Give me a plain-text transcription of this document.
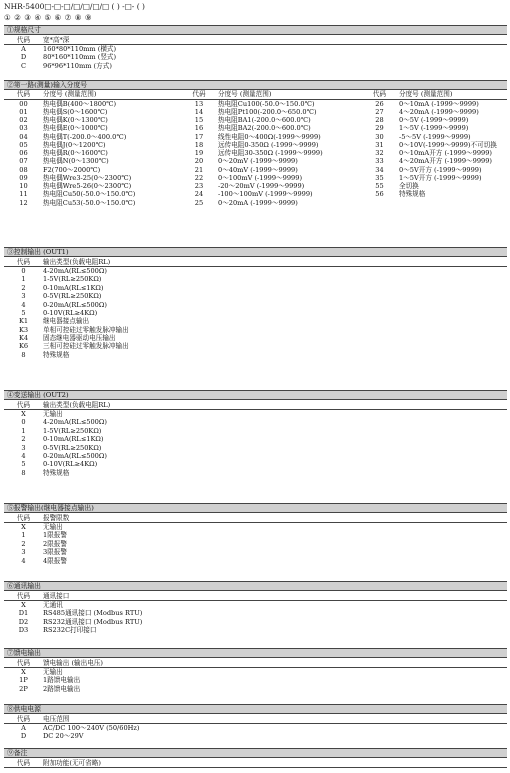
NHR-5400□-□-□/□/□/□/□ ( ) -□- ( )
① ② ③ ④ ⑤ ⑥ ⑦ ⑧ ⑨
①规格尺寸	
代码	宽*高*深
A	160*80*110mm (横式)
D	80*160*110mm (竖式)
C	96*96*110mm (方式)
②第一路(测量)输入分度号					
代码	分度号 (测量范围)	代码	分度号 (测量范围)	代码	分度号 (测量范围)
00	热电偶B(400～1800℃)	13	热电阻Cu100(-50.0～150.0℃)	26	0～10mA (-1999～9999)
01	热电偶S(0～1600℃)	14	热电阻Pt100(-200.0～650.0℃)	27	4～20mA (-1999～9999)
02	热电偶K(0～1300℃)	15	热电阻BA1(-200.0～600.0℃)	28	0～5V (-1999～9999)
03	热电偶E(0～1000℃)	16	热电阻BA2(-200.0～600.0℃)	29	1～5V (-1999～9999)
04	热电偶T(-200.0～400.0℃)	17	线性电阻0～400Ω(-1999～9999)	30	-5～5V (-1999～9999)
05	热电偶J(0～1200℃)	18	远传电阻0-350Ω (-1999～9999)	31	0～10V(-1999～9999)不可切换
06	热电偶R(0～1600℃)	19	远传电阻30-350Ω (-1999～9999)	32	0～10mA开方 (-1999～9999)
07	热电偶N(0～1300℃)	20	0～20mV (-1999～9999)	33	4～20mA开方 (-1999～9999)
08	F2(700～2000℃)	21	0～40mV (-1999～9999)	34	0～5V开方 (-1999～9999)
09	热电偶Wre3-25(0～2300℃)	22	0～100mV (-1999～9999)	35	1～5V开方 (-1999～9999)
10	热电偶Wre5-26(0～2300℃)	23	-20～20mV (-1999～9999)	55	全切换
11	热电阻Cu50(-50.0～150.0℃)	24	-100～100mV (-1999～9999)	56	特殊规格
12	热电阻Cu53(-50.0～150.0℃)	25	0～20mA (-1999～9999)		
③控制输出 (OUT1)	
代码	输出类型(负载电阻RL)
0	4-20mA(RL≤500Ω)
1	1-5V(RL≥250KΩ)
2	0-10mA(RL≤1KΩ)
3	0-5V(RL≥250KΩ)
4	0-20mA(RL≤500Ω)
5	0-10V(RL≥4KΩ)
K1	继电器接点输出
K3	单相可控硅过零触发脉冲输出
K4	固态继电器驱动电压输出
K6	三相可控硅过零触发脉冲输出
8	特殊规格
④变送输出 (OUT2)	
代码	输出类型(负载电阻RL)
X	无输出
0	4-20mA(RL≤500Ω)
1	1-5V(RL≥250KΩ)
2	0-10mA(RL≤1KΩ)
3	0-5V(RL≥250KΩ)
4	0-20mA(RL≤500Ω)
5	0-10V(RL≥4KΩ)
8	特殊规格
⑤报警输出(继电器接点输出)	
代码	报警限数
X	无输出
1	1限报警
2	2限报警
3	3限报警
4	4限报警
⑥通讯输出	
代码	通讯接口
X	无通讯
D1	RS485通讯接口 (Modbus RTU)
D2	RS232通讯接口 (Modbus RTU)
D3	RS232C打印接口
⑦馈电输出	
代码	馈电输出 (输出电压)
X	无输出
1P	1路馈电输出
2P	2路馈电输出
⑧供电电源	
代码	电压范围
A	AC/DC 100～240V (50/60Hz)
D	DC 20～29V
⑨备注
代码	附加功能(无可省略)
